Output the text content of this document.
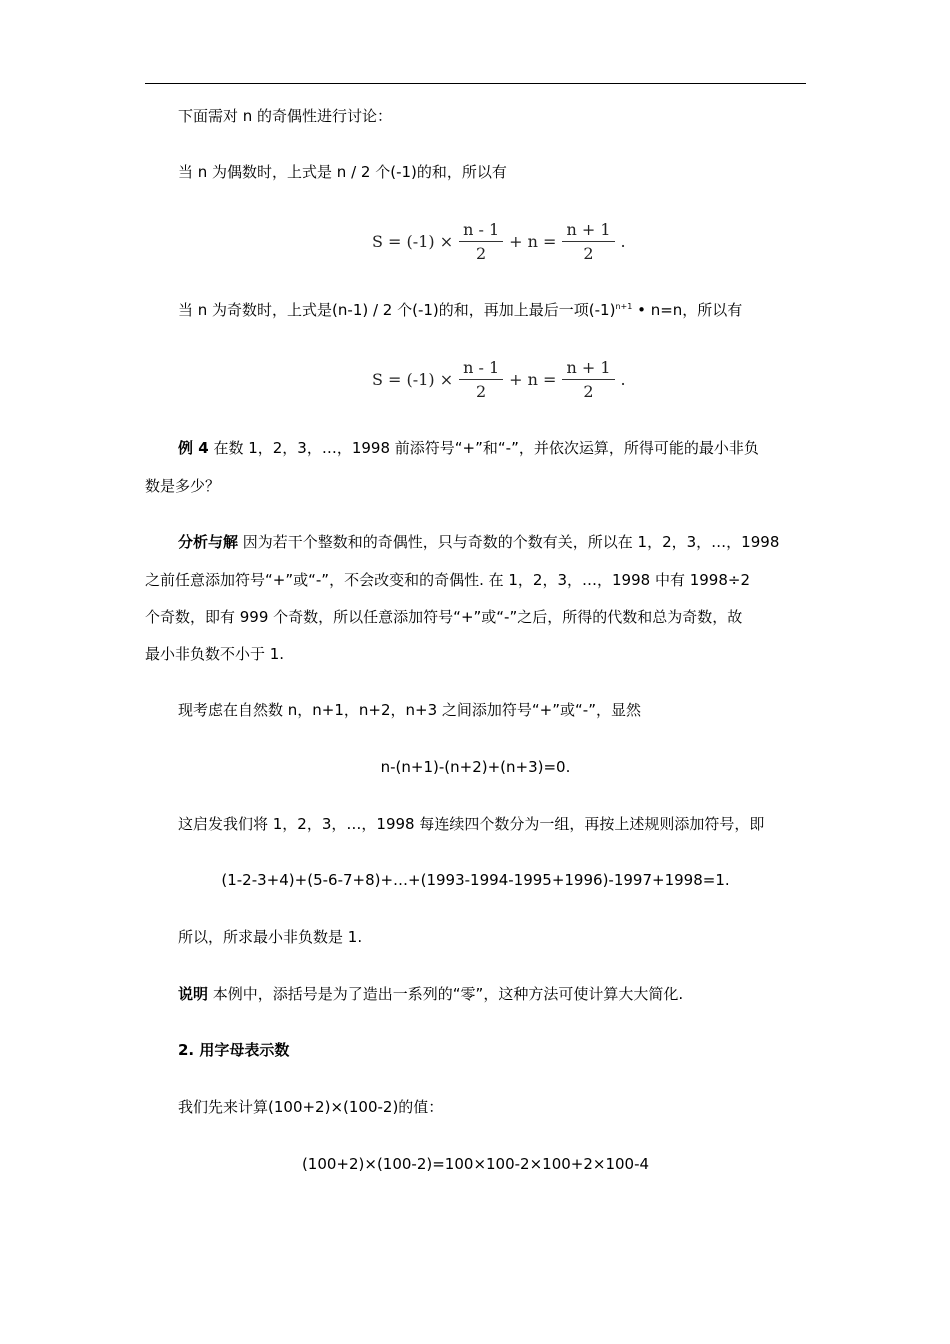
下面需对 n 的奇偶性进行讨论：
当 n 为偶数时，上式是 n / 2 个(-1)的和，所以有
$S = (-1) \times \frac{n - 1}{2} + n = \frac{n + 1}{2}$ .
当 n 为奇数时，上式是(n-1) / 2 个(-1)的和，再加上最后一项$(-1)^{n+1}$ • n=n，所以有
$S = (-1) \times \frac{n - 1}{2} + n = \frac{n + 1}{2}$ .
例 4 在数 1，2，3，…，1998 前添符号“+”和“-”，并依次运算，所得可能的最小非负
数是多少？
分析与解 因为若干个整数和的奇偶性，只与奇数的个数有关，所以在 1，2，3，…，1998
之前任意添加符号“+”或“-”，不会改变和的奇偶性. 在 1，2，3，…，1998 中有 1998÷2
个奇数，即有 999 个奇数，所以任意添加符号“+”或“-”之后，所得的代数和总为奇数，故
最小非负数不小于 1.
现考虑在自然数 n，n+1，n+2，n+3 之间添加符号“+”或“-”，显然
n-(n+1)-(n+2)+(n+3)=0.
这启发我们将 1，2，3，…，1998 每连续四个数分为一组，再按上述规则添加符号，即
(1-2-3+4)+(5-6-7+8)+…+(1993-1994-1995+1996)-1997+1998=1.
所以，所求最小非负数是 1.
说明 本例中，添括号是为了造出一系列的“零”，这种方法可使计算大大简化.
2. 用字母表示数
我们先来计算(100+2)×(100-2)的值：
(100+2)×(100-2)=100×100-2×100+2×100-4
